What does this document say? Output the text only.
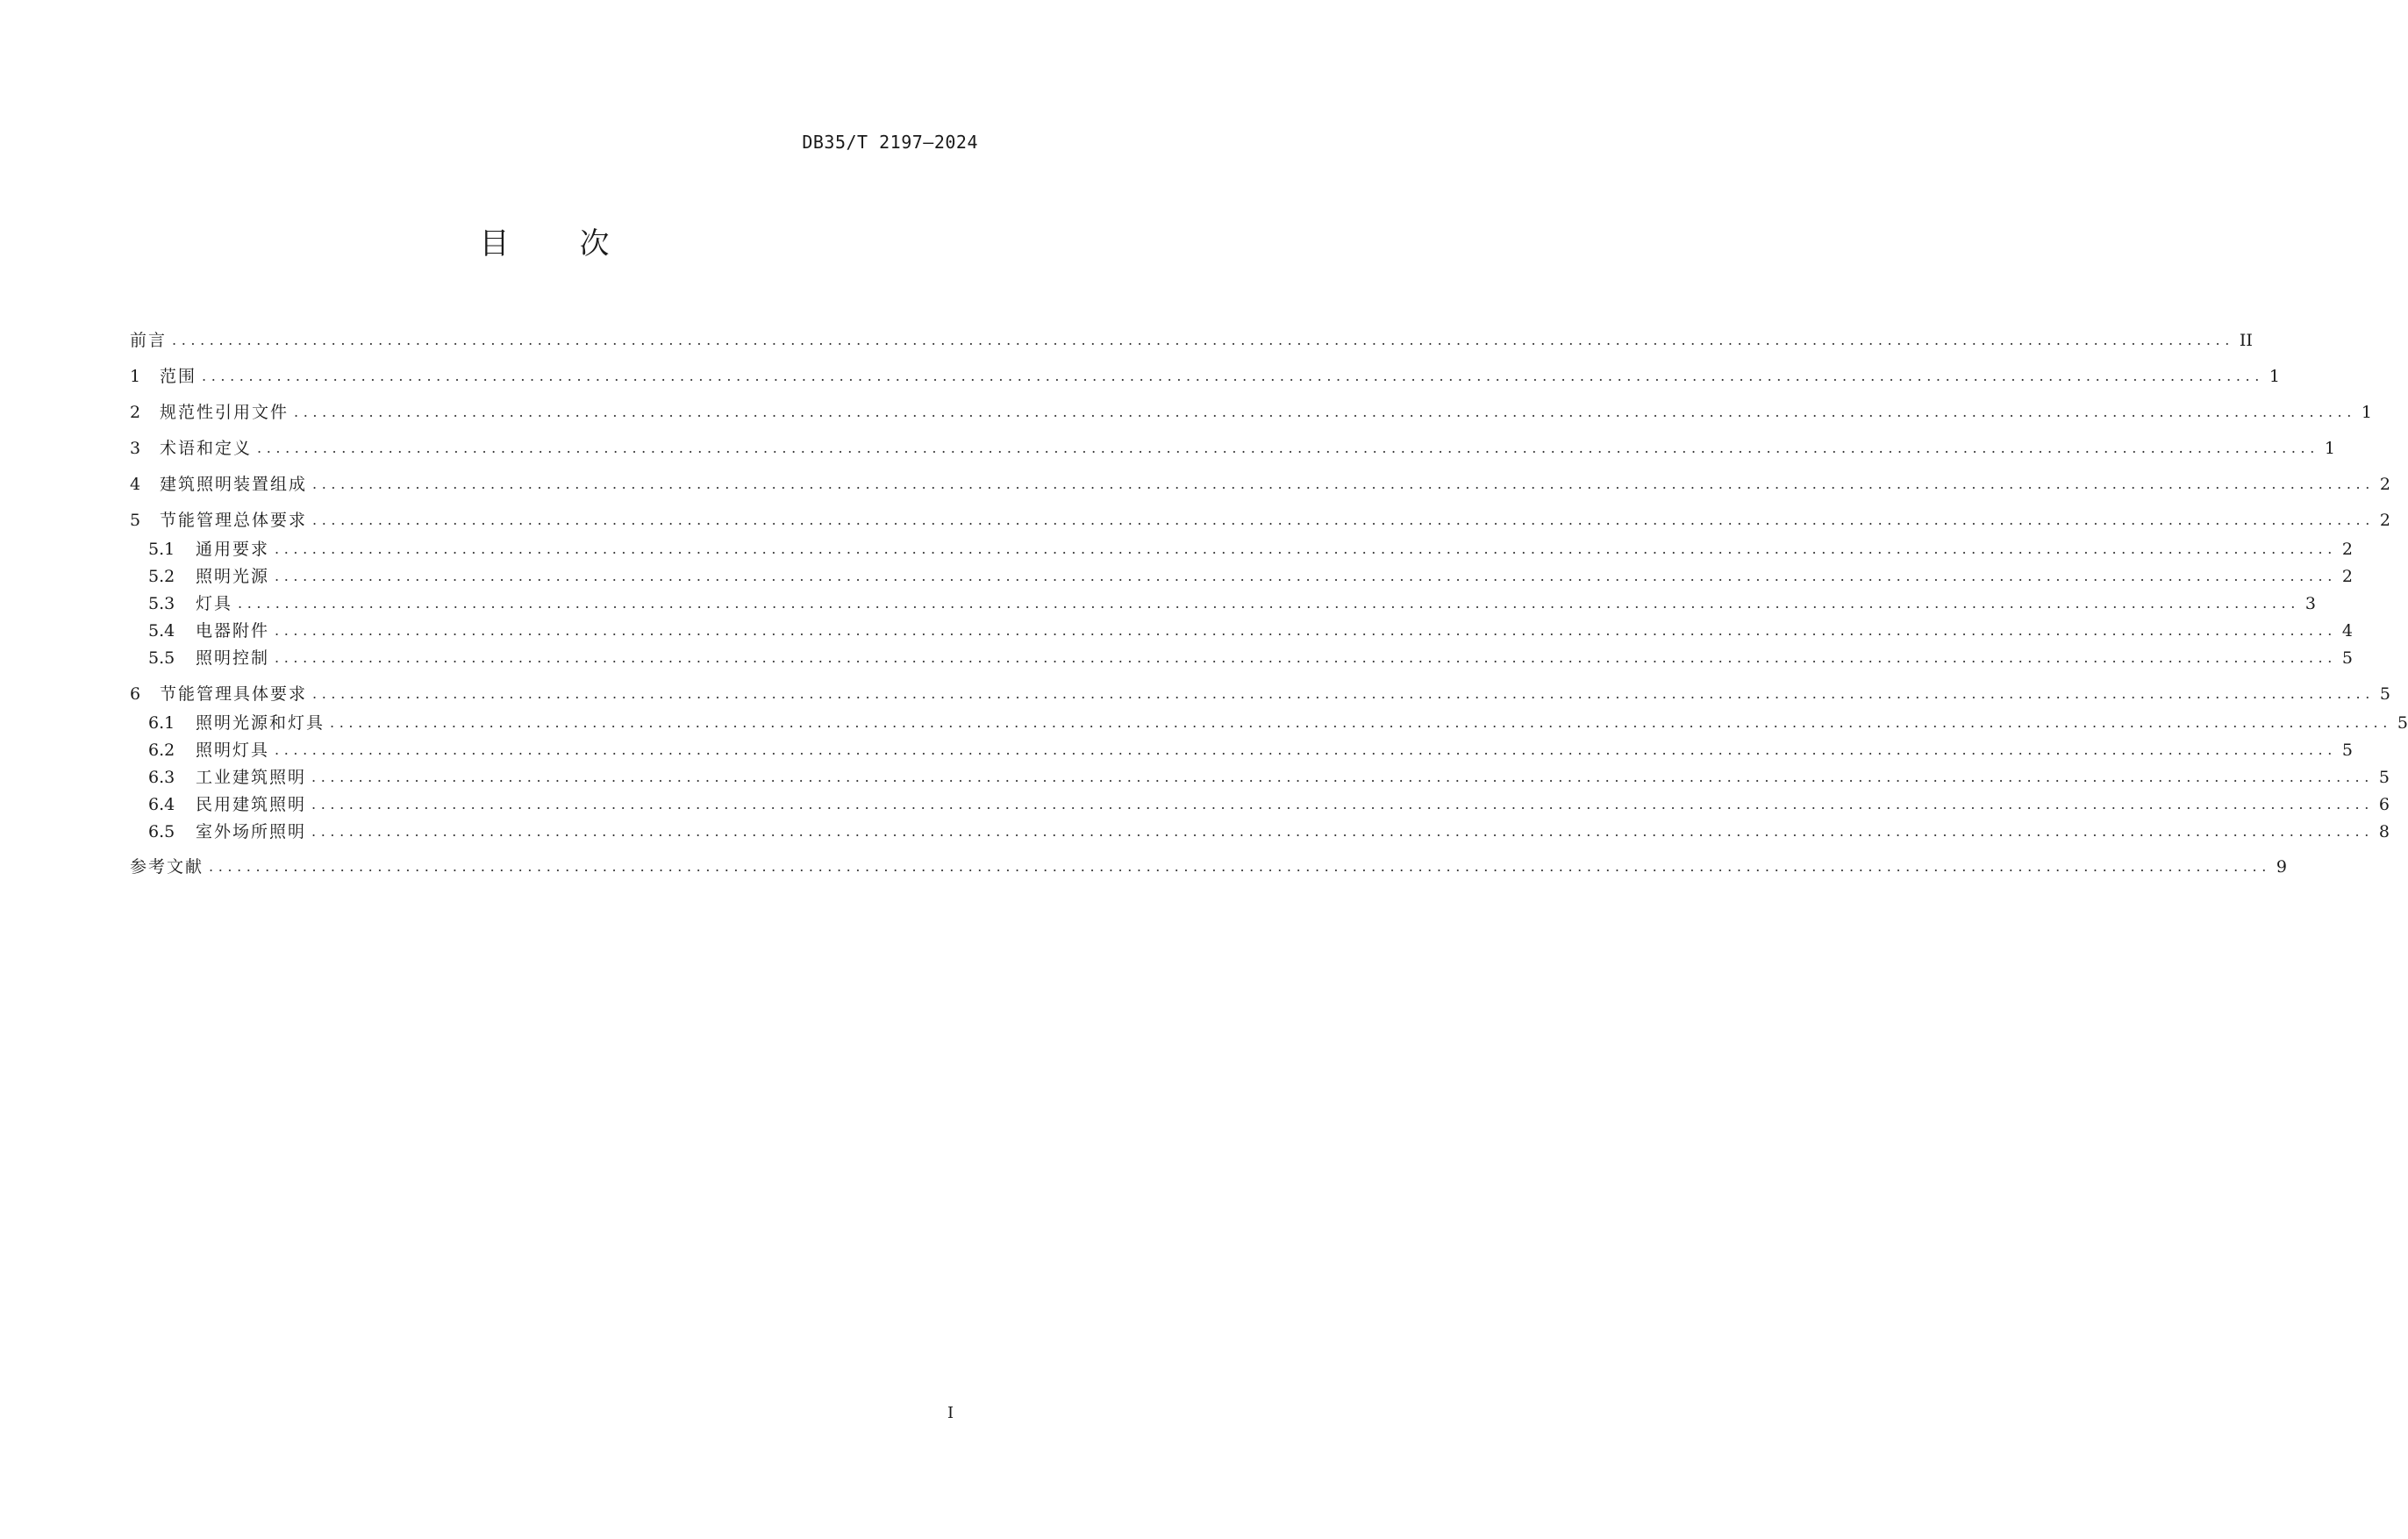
DB35/T 2197—2024
目 次
前言 ............................................................................................................................................................................................................................ II
1	范围 ............................................................................................................................................................................................................................ 1
2	规范性引用文件 ............................................................................................................................................................................................................................ 1
3	术语和定义 ............................................................................................................................................................................................................................ 1
4	建筑照明装置组成 ............................................................................................................................................................................................................................ 2
5	节能管理总体要求 ............................................................................................................................................................................................................................ 2
5.1	通用要求 ............................................................................................................................................................................................................................ 2
5.2	照明光源 ............................................................................................................................................................................................................................ 2
5.3	灯具 ............................................................................................................................................................................................................................ 3
5.4	电器附件 ............................................................................................................................................................................................................................ 4
5.5	照明控制 ............................................................................................................................................................................................................................ 5
6	节能管理具体要求 ............................................................................................................................................................................................................................ 5
6.1	照明光源和灯具 ............................................................................................................................................................................................................................ 5
6.2	照明灯具 ............................................................................................................................................................................................................................ 5
6.3	工业建筑照明 ............................................................................................................................................................................................................................ 5
6.4	民用建筑照明 ............................................................................................................................................................................................................................ 6
6.5	室外场所照明 ............................................................................................................................................................................................................................ 8
参考文献 ............................................................................................................................................................................................................................ 9
I
